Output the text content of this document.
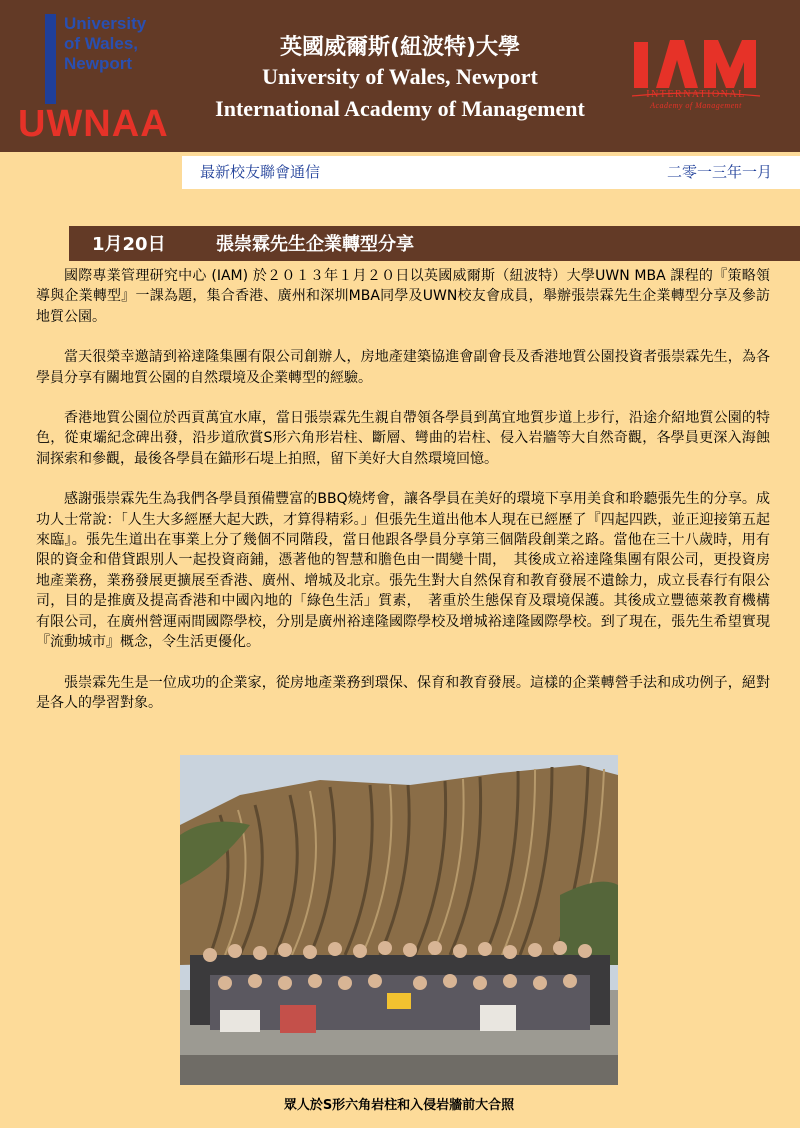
University
of Wales,
Newport
UWNAA
英國威爾斯(紐波特)大學
University of Wales, Newport
International Academy of Management
INTERNATIONAL
Academy of Management
最新校友聯會通信	二零一三年一月
1月20日	張崇霖先生企業轉型分享

國際專業管理研究中心 (IAM) 於２０１３年１月２０日以英國威爾斯（紐波特）大學UWN MBA 課程的『策略領導與企業轉型』一課為題，集合香港、廣州和深圳MBA同學及UWN校友會成員，舉辦張崇霖先生企業轉型分享及參訪地質公園。

當天很榮幸邀請到裕達隆集團有限公司創辦人，房地產建築協進會副會長及香港地質公園投資者張崇霖先生，為各學員分享有關地質公園的自然環境及企業轉型的經驗。

香港地質公園位於西貢萬宜水庫，當日張崇霖先生親自帶領各學員到萬宜地質步道上步行，沿途介紹地質公園的特色，從東壩紀念碑出發，沿步道欣賞S形六角形岩柱、斷層、彎曲的岩柱、侵入岩牆等大自然奇觀，各學員更深入海蝕洞探索和參觀，最後各學員在錨形石堤上拍照，留下美好大自然環境回憶。

感謝張崇霖先生為我們各學員預備豐富的BBQ燒烤會，讓各學員在美好的環境下享用美食和聆聽張先生的分享。成功人士常說：「人生大多經歷大起大跌，才算得精彩。」但張先生道出他本人現在已經歷了『四起四跌，並正迎接第五起來臨』。張先生道出在事業上分了幾個不同階段，當日他跟各學員分享第三個階段創業之路。當他在三十八歲時，用有限的資金和借貸跟別人一起投資商鋪，憑著他的智慧和膽色由一間變十間，　其後成立裕達隆集團有限公司，更投資房地產業務，業務發展更擴展至香港、廣州、增城及北京。張先生對大自然保育和教育發展不遺餘力，成立長春行有限公司，目的是推廣及提高香港和中國內地的「綠色生活」質素，　著重於生態保育及環境保護。其後成立豐德萊教育機構有限公司，在廣州營運兩間國際學校，分別是廣州裕達隆國際學校及增城裕達隆國際學校。到了現在，張先生希望實現『流動城市』概念，令生活更優化。

張崇霖先生是一位成功的企業家，從房地產業務到環保、保育和教育發展。這樣的企業轉營手法和成功例子，絕對是各人的學習對象。

眾人於S形六角岩柱和入侵岩牆前大合照
